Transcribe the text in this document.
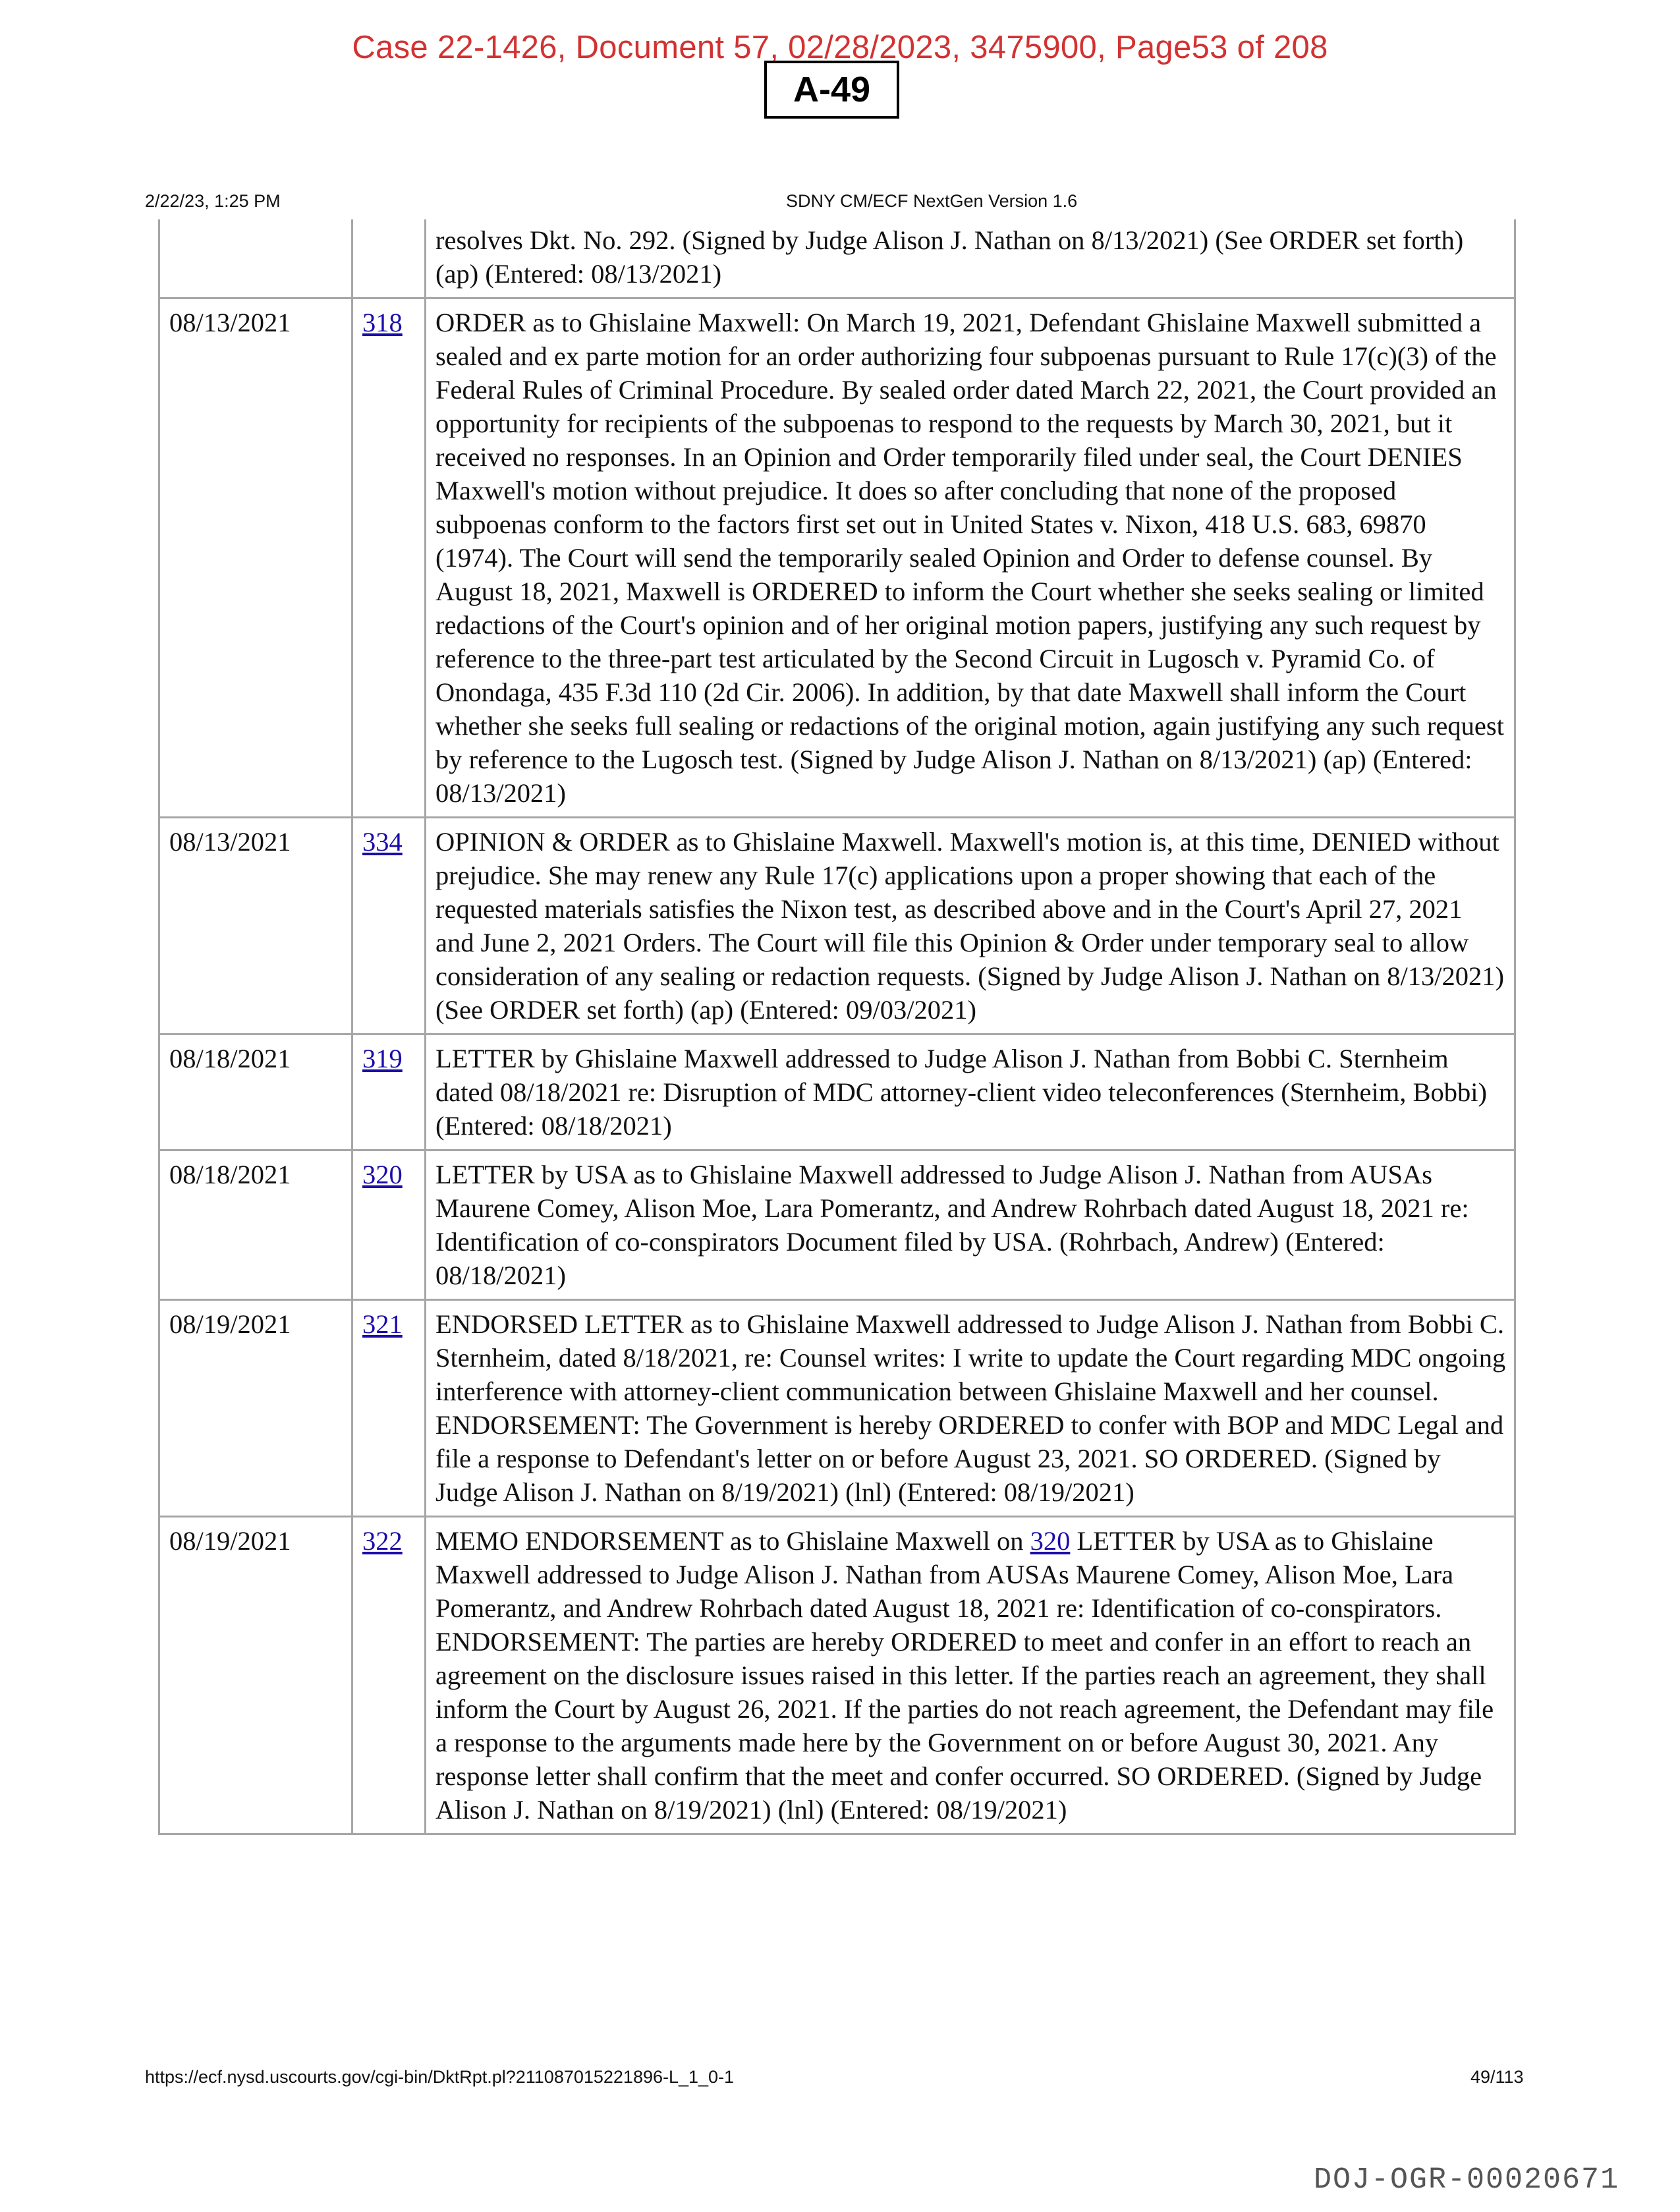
Case 22-1426, Document 57, 02/28/2023, 3475900, Page53 of 208
A-49
2/22/23, 1:25 PM	SDNY CM/ECF NextGen Version 1.6
		resolves Dkt. No. 292. (Signed by Judge Alison J. Nathan on 8/13/2021) (See ORDER set forth) (ap) (Entered: 08/13/2021)
08/13/2021	318	ORDER as to Ghislaine Maxwell: On March 19, 2021, Defendant Ghislaine Maxwell submitted a sealed and ex parte motion for an order authorizing four subpoenas pursuant to Rule 17(c)(3) of the Federal Rules of Criminal Procedure. By sealed order dated March 22, 2021, the Court provided an opportunity for recipients of the subpoenas to respond to the requests by March 30, 2021, but it received no responses. In an Opinion and Order temporarily filed under seal, the Court DENIES Maxwell's motion without prejudice. It does so after concluding that none of the proposed subpoenas conform to the factors first set out in United States v. Nixon, 418 U.S. 683, 69870 (1974). The Court will send the temporarily sealed Opinion and Order to defense counsel. By August 18, 2021, Maxwell is ORDERED to inform the Court whether she seeks sealing or limited redactions of the Court's opinion and of her original motion papers, justifying any such request by reference to the three-part test articulated by the Second Circuit in Lugosch v. Pyramid Co. of Onondaga, 435 F.3d 110 (2d Cir. 2006). In addition, by that date Maxwell shall inform the Court whether she seeks full sealing or redactions of the original motion, again justifying any such request by reference to the Lugosch test. (Signed by Judge Alison J. Nathan on 8/13/2021) (ap) (Entered: 08/13/2021)
08/13/2021	334	OPINION & ORDER as to Ghislaine Maxwell. Maxwell's motion is, at this time, DENIED without prejudice. She may renew any Rule 17(c) applications upon a proper showing that each of the requested materials satisfies the Nixon test, as described above and in the Court's April 27, 2021 and June 2, 2021 Orders. The Court will file this Opinion & Order under temporary seal to allow consideration of any sealing or redaction requests. (Signed by Judge Alison J. Nathan on 8/13/2021) (See ORDER set forth) (ap) (Entered: 09/03/2021)
08/18/2021	319	LETTER by Ghislaine Maxwell addressed to Judge Alison J. Nathan from Bobbi C. Sternheim dated 08/18/2021 re: Disruption of MDC attorney-client video teleconferences (Sternheim, Bobbi) (Entered: 08/18/2021)
08/18/2021	320	LETTER by USA as to Ghislaine Maxwell addressed to Judge Alison J. Nathan from AUSAs Maurene Comey, Alison Moe, Lara Pomerantz, and Andrew Rohrbach dated August 18, 2021 re: Identification of co-conspirators Document filed by USA. (Rohrbach, Andrew) (Entered: 08/18/2021)
08/19/2021	321	ENDORSED LETTER as to Ghislaine Maxwell addressed to Judge Alison J. Nathan from Bobbi C. Sternheim, dated 8/18/2021, re: Counsel writes: I write to update the Court regarding MDC ongoing interference with attorney-client communication between Ghislaine Maxwell and her counsel. ENDORSEMENT: The Government is hereby ORDERED to confer with BOP and MDC Legal and file a response to Defendant's letter on or before August 23, 2021. SO ORDERED. (Signed by Judge Alison J. Nathan on 8/19/2021) (lnl) (Entered: 08/19/2021)
08/19/2021	322	MEMO ENDORSEMENT as to Ghislaine Maxwell on 320 LETTER by USA as to Ghislaine Maxwell addressed to Judge Alison J. Nathan from AUSAs Maurene Comey, Alison Moe, Lara Pomerantz, and Andrew Rohrbach dated August 18, 2021 re: Identification of co-conspirators. ENDORSEMENT: The parties are hereby ORDERED to meet and confer in an effort to reach an agreement on the disclosure issues raised in this letter. If the parties reach an agreement, they shall inform the Court by August 26, 2021. If the parties do not reach agreement, the Defendant may file a response to the arguments made here by the Government on or before August 30, 2021. Any response letter shall confirm that the meet and confer occurred. SO ORDERED. (Signed by Judge Alison J. Nathan on 8/19/2021) (lnl) (Entered: 08/19/2021)
https://ecf.nysd.uscourts.gov/cgi-bin/DktRpt.pl?211087015221896-L_1_0-1	49/113
DOJ-OGR-00020671
